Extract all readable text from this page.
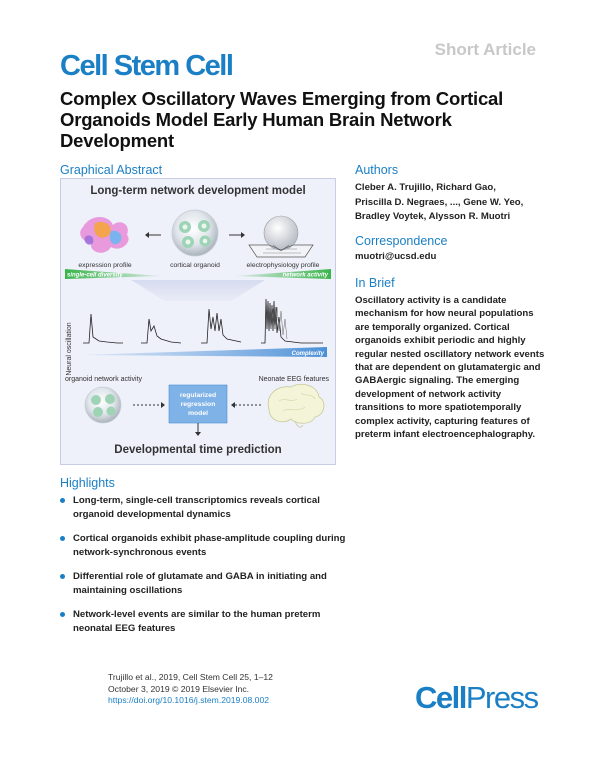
Short Article
Cell Stem Cell
Complex Oscillatory Waves Emerging from Cortical Organoids Model Early Human Brain Network Development
Graphical Abstract
Long-term network development model
expression profile	cortical organoid	electrophysiology profile
single-cell diversity	network activity
Neural oscillation	Complexity
organoid network activity	Neonate EEG features
regularized
regression
model
Developmental time prediction
Authors
Cleber A. Trujillo, Richard Gao,
Priscilla D. Negraes, ..., Gene W. Yeo,
Bradley Voytek, Alysson R. Muotri
Correspondence
muotri@ucsd.edu
In Brief
Oscillatory activity is a candidate
mechanism for how neural populations
are temporally organized. Cortical
organoids exhibit periodic and highly
regular nested oscillatory network events
that are dependent on glutamatergic and
GABAergic signaling. The emerging
development of network activity
transitions to more spatiotemporally
complex activity, capturing features of
preterm infant electroencephalography.
Highlights
Long-term, single-cell transcriptomics reveals cortical
organoid developmental dynamics
Cortical organoids exhibit phase-amplitude coupling during
network-synchronous events
Differential role of glutamate and GABA in initiating and
maintaining oscillations
Network-level events are similar to the human preterm
neonatal EEG features
Trujillo et al., 2019, Cell Stem Cell 25, 1–12
October 3, 2019 © 2019 Elsevier Inc.
https://doi.org/10.1016/j.stem.2019.08.002	CellPress
